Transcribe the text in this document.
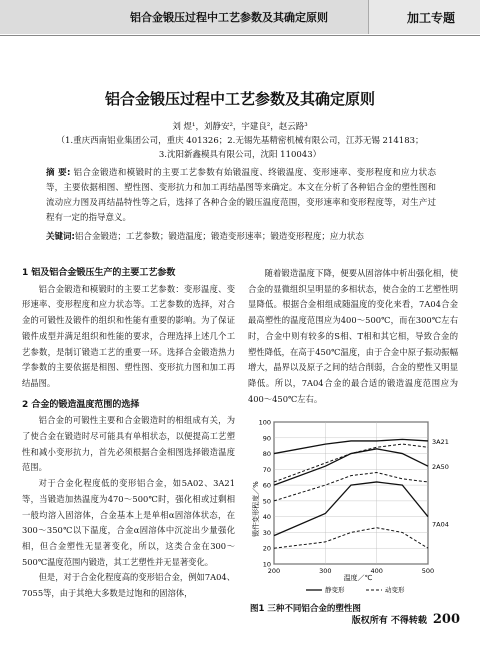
铝合金锻压过程中工艺参数及其确定原则	加工专题
铝合金锻压过程中工艺参数及其确定原则
刘 煜¹，刘静安²，宇建良²，赵云路³
（1.重庆西南铝业集团公司，重庆 401326；2.无锡先基精密机械有限公司，江苏无锡 214183；
3.沈阳新鑫模具有限公司，沈阳 110043）
摘 要: 铝合金锻造和模锻时的主要工艺参数有始锻温度、终锻温度、变形速率、变形程度和应力状态等，主要依据相图、塑性图、变形抗力和加工再结晶图等来确定。本文在分析了各种铝合金的塑性图和流动应力图及再结晶特性等之后，选择了各种合金的锻压温度范围，变形速率和变形程度等，对生产过程有一定的指导意义。
关键词:铝合金锻造；工艺参数；锻造温度；锻造变形速率；锻造变形程度；应力状态
1 铝及铝合金锻压生产的主要工艺参数

铝合金锻造和模锻时的主要工艺参数：变形温度、变形速率、变形程度和应力状态等。工艺参数的选择，对合金的可锻性及锻件的组织和性能有重要的影响。为了保证锻件成型并满足组织和性能的要求，合理选择上述几个工艺参数，是制订锻造工艺的重要一环。选择合金锻造热力学参数的主要依据是相图、塑性图、变形抗力图和加工再结晶图。

2 合金的锻造温度范围的选择

铝合金的可锻性主要和合金锻造时的相组成有关，为了使合金在锻造时尽可能具有单相状态，以便提高工艺塑性和减小变形抗力，首先必须根据合金相图选择锻造温度范围。

对于合金化程度低的变形铝合金，如5A02、3A21等，当锻造加热温度为470～500℃时，强化相或过剩相一般均溶入固溶体，合金基本上是单相α固溶体状态，在300～350℃以下温度，合金α固溶体中沉淀出少量强化相，但合金塑性无显著变化，所以，这类合金在300～500℃温度范围内锻造，其工艺塑性并无显著变化。

但是，对于合金化程度高的变形铝合金，例如7A04、7055等，由于其绝大多数是过饱和的固溶体，

随着锻造温度下降，便要从固溶体中析出强化相，使合金的显微组织呈明显的多相状态，使合金的工艺塑性明显降低。根据合金相组成随温度的变化来看，7A04合金最高塑性的温度范围应为400～500℃，而在300℃左右时，合金中则有较多的S相、T相和其它相，导致合金的塑性降低，在高于450℃温度，由于合金中原子振动振幅增大，晶界以及原子之间的结合削弱，合金的塑性又明显降低。所以，7A04合金的最合适的锻造温度范围应为400～450℃左右。

10
20
30
40
50
60
70
80
90
100
200	300	400	500
3A21
2A50
7A04
锻件变形程度／%
温度／℃
静变形	动变形
图1 三种不同铝合金的塑性图
版权所有 不得转载 200
